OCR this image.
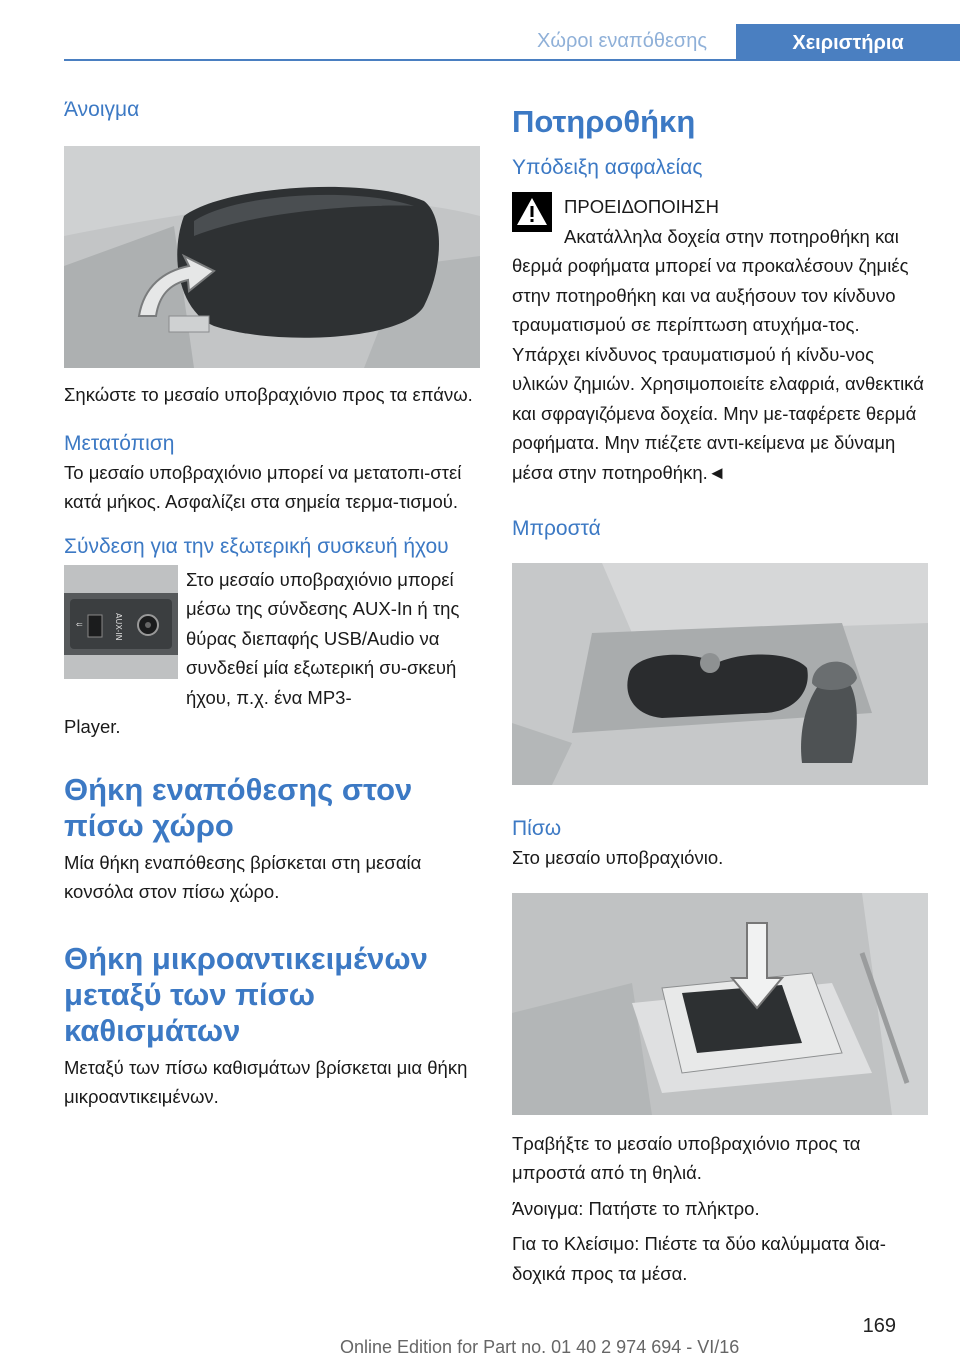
Χώροι εναπόθεσης	Χειριστήρια
Άνοιγμα

Σηκώστε το μεσαίο υποβραχιόνιο προς τα επάνω.

Μετατόπιση

Το μεσαίο υποβραχιόνιο μπορεί να μετατοπι-στεί κατά μήκος. Ασφαλίζει στα σημεία τερμα-τισμού.

Σύνδεση για την εξωτερική συσκευή ήχου
⇐	AUX-IN

Στο μεσαίο υποβραχιόνιο μπορεί μέσω της σύνδεσης AUX-In ή της θύρας διεπαφής USB/Audio να συνδεθεί μία εξωτερική συ-σκευή ήχου, π.χ. ένα MP3-

Player.

Θήκη εναπόθεσης στον πίσω χώρο

Μία θήκη εναπόθεσης βρίσκεται στη μεσαία κονσόλα στον πίσω χώρο.

Θήκη μικροαντικειμένων μεταξύ των πίσω καθισμάτων

Μεταξύ των πίσω καθισμάτων βρίσκεται μια θήκη μικροαντικειμένων.

Ποτηροθήκη
Υπόδειξη ασφαλείας
ΠΡΟΕΙΔΟΠΟΙΗΣΗ

Ακατάλληλα δοχεία στην ποτηροθήκη και θερμά ροφήματα μπορεί να προκαλέσουν ζημιές στην ποτηροθήκη και να αυξήσουν τον κίνδυνο τραυματισμού σε περίπτωση ατυχήμα-τος. Υπάρχει κίνδυνος τραυματισμού ή κίνδυ-νος υλικών ζημιών. Χρησιμοποιείτε ελαφριά, ανθεκτικά και σφραγιζόμενα δοχεία. Μην με-ταφέρετε θερμά ροφήματα. Μην πιέζετε αντι-κείμενα με δύναμη μέσα στην ποτηροθήκη.◄

Μπροστά
Πίσω

Στο μεσαίο υποβραχιόνιο.

Τραβήξτε το μεσαίο υποβραχιόνιο προς τα μπροστά από τη θηλιά.

Άνοιγμα: Πατήστε το πλήκτρο.

Για το Κλείσιμο: Πιέστε τα δύο καλύμματα δια-δοχικά προς τα μέσα.

169
Online Edition for Part no. 01 40 2 974 694 - VI/16
